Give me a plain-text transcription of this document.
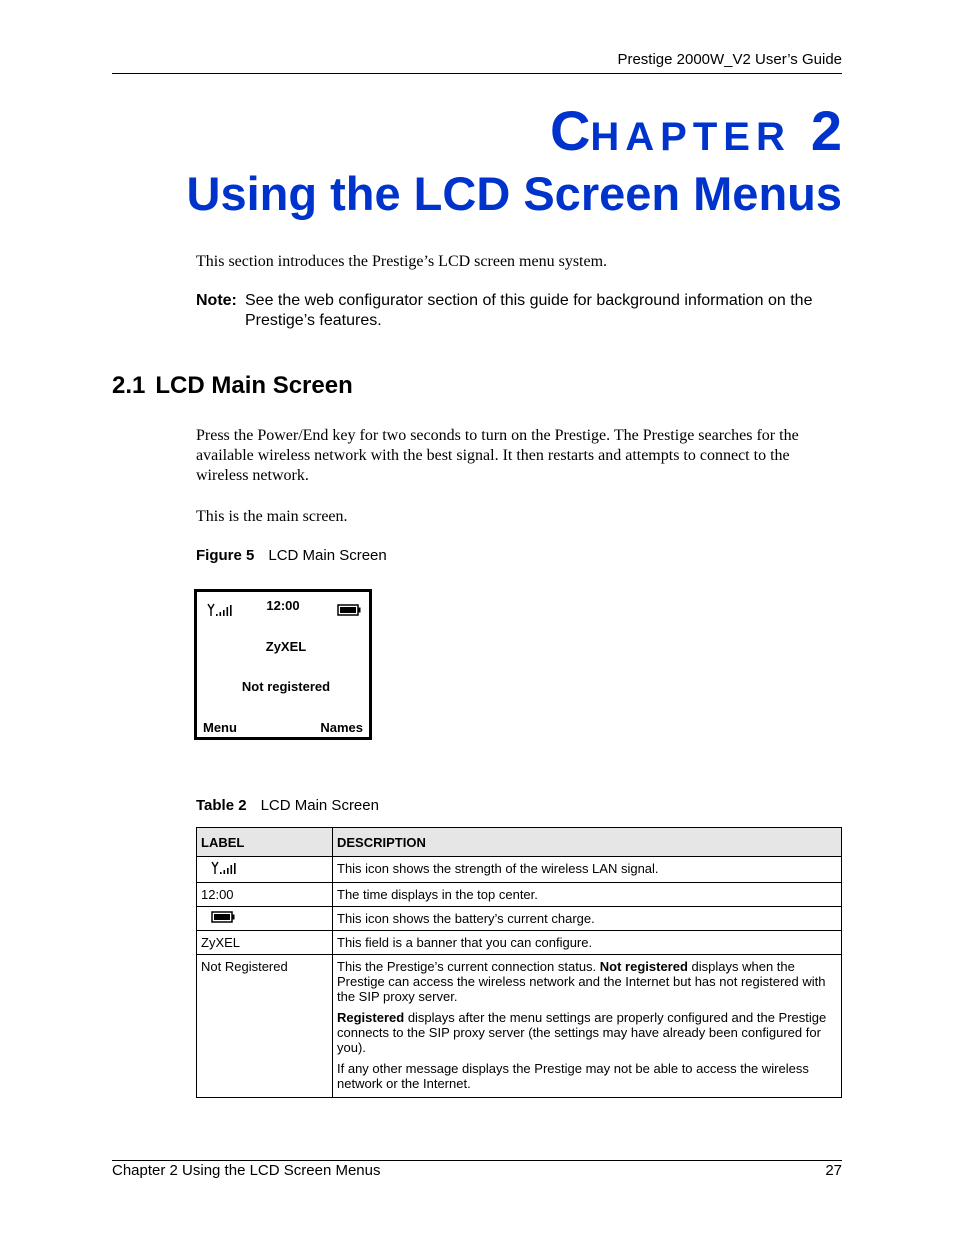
Prestige 2000W_V2 User’s Guide
CHAPTER 2
Using the LCD Screen Menus
This section introduces the Prestige’s LCD screen menu system.
Note: See the web configurator section of this guide for background information on the Prestige’s features.
2.1 LCD Main Screen
Press the Power/End key for two seconds to turn on the Prestige. The Prestige searches for the available wireless network with the best signal. It then restarts and attempts to connect to the wireless network.
This is the main screen.
Figure 5 LCD Main Screen
12:00
ZyXEL
Not registered
Menu	Names
Table 2 LCD Main Screen
LABEL	DESCRIPTION
	This icon shows the strength of the wireless LAN signal.
12:00	The time displays in the top center.
	This icon shows the battery’s current charge.
ZyXEL	This field is a banner that you can configure.
Not Registered	This the Prestige’s current connection status. Not registered displays when the Prestige can access the wireless network and the Internet but has not registered with the SIP proxy server.

Registered displays after the menu settings are properly configured and the Prestige connects to the SIP proxy server (the settings may have already been configured for you).

If any other message displays the Prestige may not be able to access the wireless network or the Internet.

Chapter 2 Using the LCD Screen Menus	27
